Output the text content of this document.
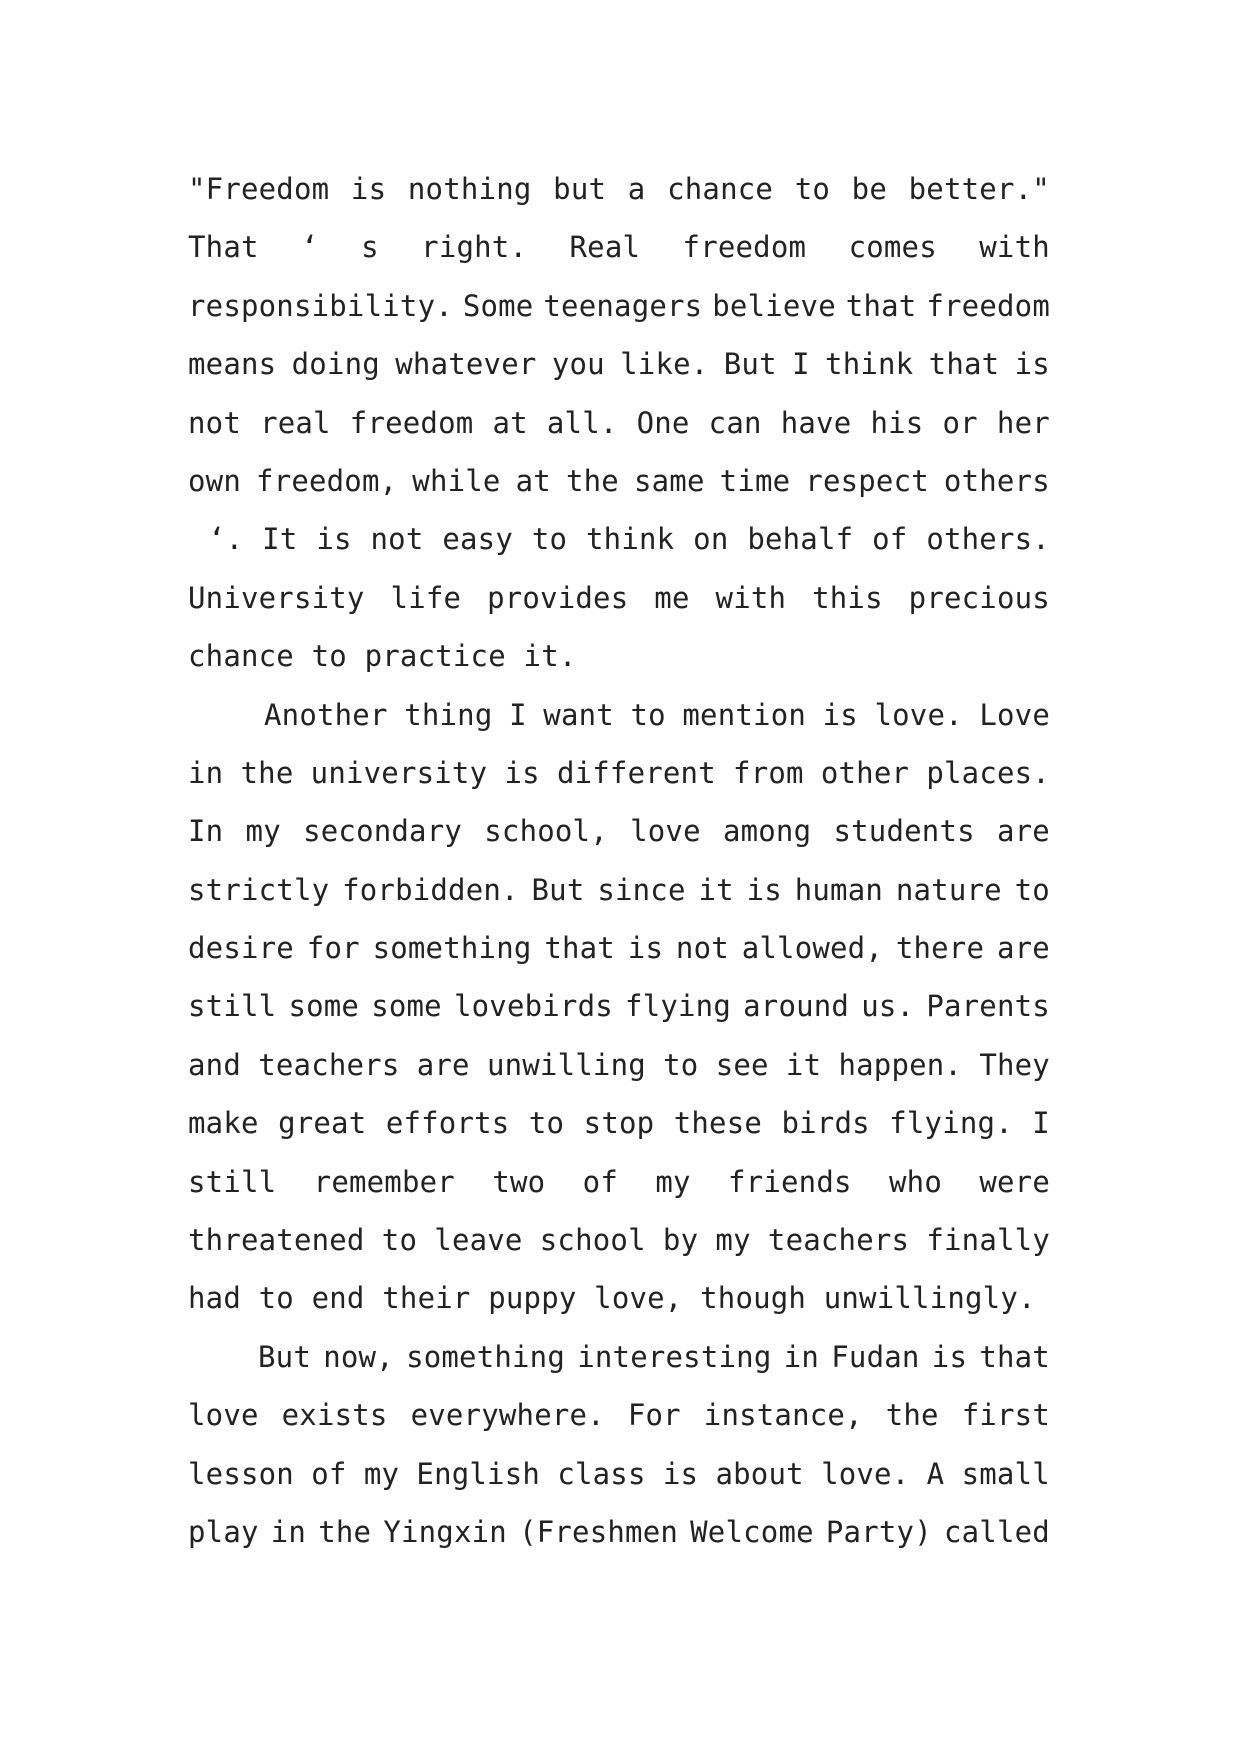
"Freedom is nothing but a chance to be better."
That ‘ s right. Real freedom comes with
responsibility. Some teenagers believe that freedom
means doing whatever you like. But I think that is
not real freedom at all. One can have his or her
own freedom, while at the same time respect others
‘. It is not easy to think on behalf of others.
University life provides me with this precious
chance to practice it.
Another thing I want to mention is love. Love
in the university is different from other places.
In my secondary school, love among students are
strictly forbidden. But since it is human nature to
desire for something that is not allowed, there are
still some some lovebirds flying around us. Parents
and teachers are unwilling to see it happen. They
make great efforts to stop these birds flying. I
still remember two of my friends who were
threatened to leave school by my teachers finally
had to end their puppy love, though unwillingly.
But now, something interesting in Fudan is that
love exists everywhere. For instance, the first
lesson of my English class is about love. A small
play in the Yingxin (Freshmen Welcome Party) called
